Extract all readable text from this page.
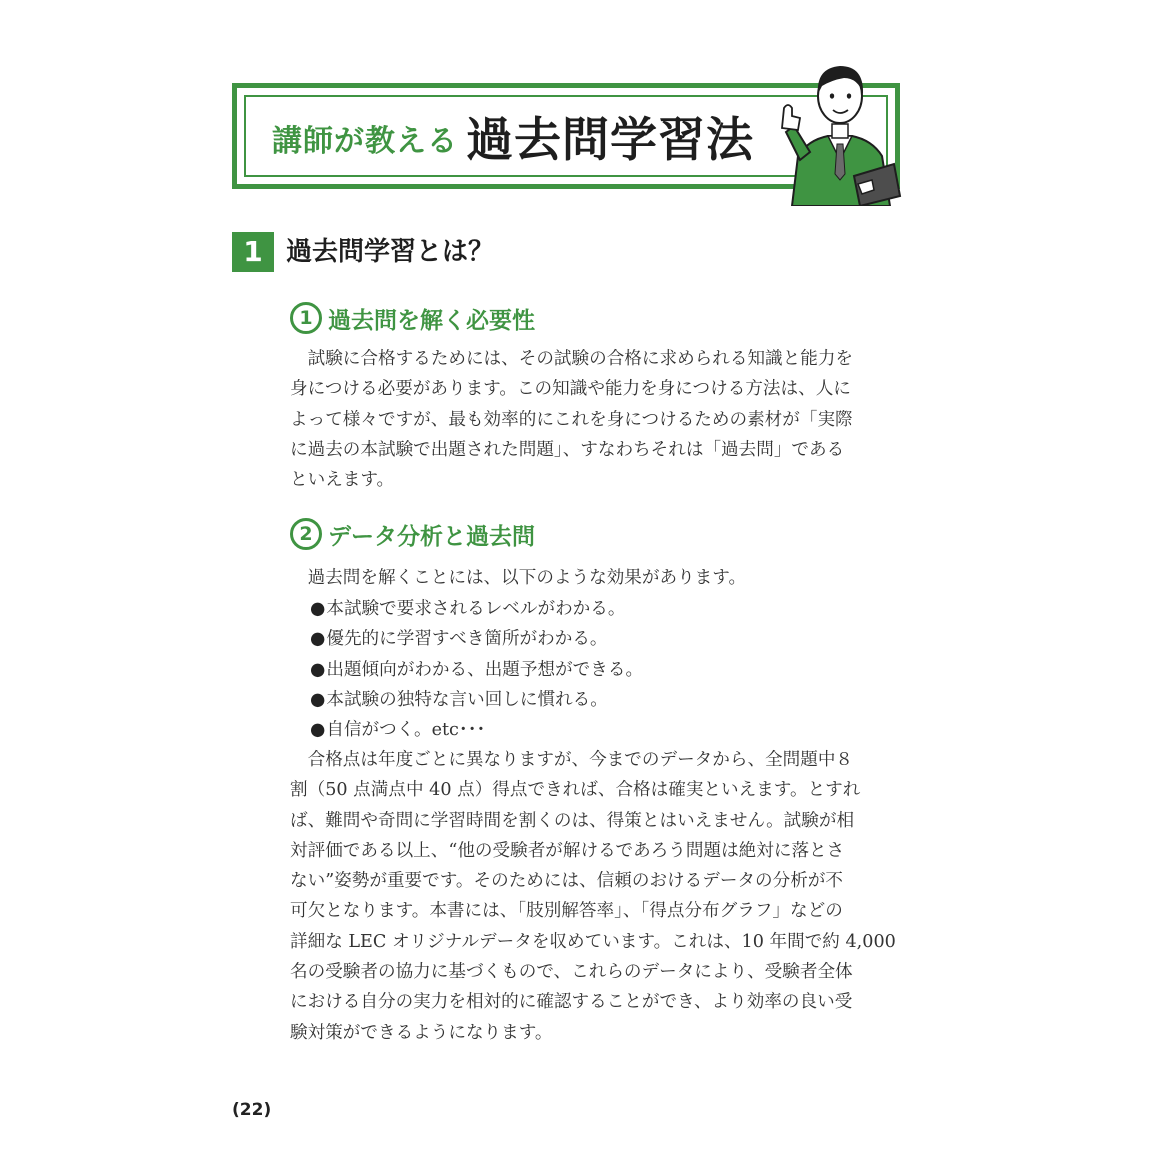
講師が教える 過去問学習法
1 過去問学習とは？
1 過去問を解く必要性
　試験に合格するためには、その試験の合格に求められる知識と能力を
身につける必要があります。この知識や能力を身につける方法は、人に
よって様々ですが、最も効率的にこれを身につけるための素材が「実際
に過去の本試験で出題された問題」、すなわちそれは「過去問」である
といえます。
2 データ分析と過去問
　過去問を解くことには、以下のような効果があります。
● 本試験で要求されるレベルがわかる。
● 優先的に学習すべき箇所がわかる。
● 出題傾向がわかる、出題予想ができる。
● 本試験の独特な言い回しに慣れる。
● 自信がつく。etc･･･
　合格点は年度ごとに異なりますが、今までのデータから、全問題中８
割（50 点満点中 40 点）得点できれば、合格は確実といえます。とすれ
ば、難問や奇問に学習時間を割くのは、得策とはいえません。試験が相
対評価である以上、“他の受験者が解けるであろう問題は絶対に落とさ
ない”姿勢が重要です。そのためには、信頼のおけるデータの分析が不
可欠となります。本書には、「肢別解答率」、「得点分布グラフ」などの
詳細な LEC オリジナルデータを収めています。これは、10 年間で約 4,000
名の受験者の協力に基づくもので、これらのデータにより、受験者全体
における自分の実力を相対的に確認することができ、より効率の良い受
験対策ができるようになります。
(22)
